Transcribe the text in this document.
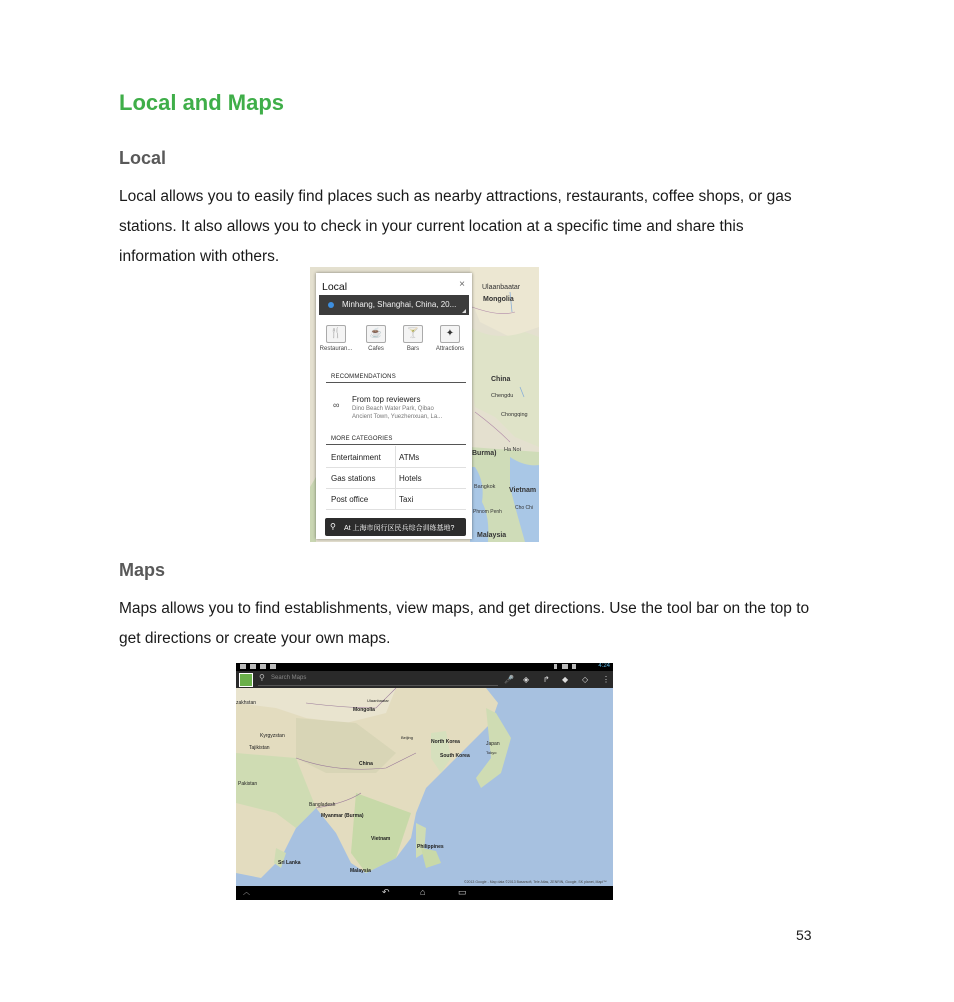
Local and Maps
Local
Local allows you to easily find places such as nearby attractions, restaurants, coffee shops, or gas stations. It also allows you to check in your current location at a specific time and share this information with others.
Ulaanbaatar
Mongolia
China
Chengdu
Chongqing
Burma) Ha Noi
Bangkok Vietnam
Cho Chi
Phnom Penh
Malaysia
Local	×
Minhang, Shanghai, China, 20...
🍴
Restauran...
☕
Cafes
🍸
Bars
✦
Attractions
RECOMMENDATIONS
∞
From top reviewers
Dino Beach Water Park, Qibao
Ancient Town, Yuezhenxuan, La...
MORE CATEGORIES
Entertainment ATMs
Gas stations	Hotels
Post office	Taxi
⚲ At 上海市闵行区民兵综合训练基地?
Maps
Maps allows you to find establishments, view maps, and get directions. Use the tool bar on the top to get directions or create your own maps.
zakhstan
Mongolia
Ulaanbaatar
Kyrgyzstan
Tajikistan
Beijing
North Korea
South Korea
Japan
Tokyo
China
Pakistan
Bangladesh
Myanmar (Burma)
Vietnam
Philippines
Sri Lanka
Malaysia
4:24
⚲ Search Maps	🎤 ◈ ↱ ◆ ◇ ⋮
©2013 Google - Map data ©2013 Basarsoft, Tele Atlas, ZENRIN, Google, SK planet, Mapi™
︿	↶	⌂	▭
53
